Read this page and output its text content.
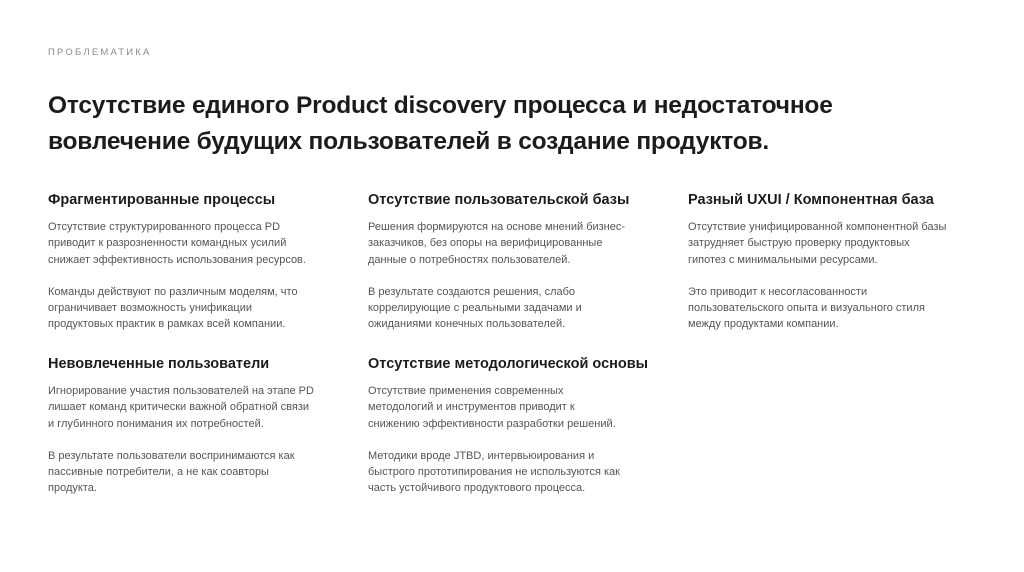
ПРОБЛЕМАТИКА
Отсутствие единого Product discovery процесса и недостаточное
вовлечение будущих пользователей в создание продуктов.
Фрагментированные процессы

Отсутствие структурированного процесса PD
приводит к разрозненности командных усилий
снижает эффективность использования ресурсов.

Команды действуют по различным моделям, что
ограничивает возможность унификации
продуктовых практик в рамках всей компании.

Отсутствие пользовательской базы

Решения формируются на основе мнений бизнес-
заказчиков, без опоры на верифицированные
данные о потребностях пользователей.

В результате создаются решения, слабо
коррелирующие с реальными задачами и
ожиданиями конечных пользователей.

Разный UXUI / Компонентная база

Отсутствие унифицированной компонентной базы
затрудняет быструю проверку продуктовых
гипотез с минимальными ресурсами.

Это приводит к несогласованности
пользовательского опыта и визуального стиля
между продуктами компании.

Невовлеченные пользователи

Игнорирование участия пользователей на этапе PD
лишает команд критически важной обратной связи
и глубинного понимания их потребностей.

В результате пользователи воспринимаются как
пассивные потребители, а не как соавторы
продукта.

Отсутствие методологической основы

Отсутствие применения современных
методологий и инструментов приводит к
снижению эффективности разработки решений.

Методики вроде JTBD, интервьюирования и
быстрого прототипирования не используются как
часть устойчивого продуктового процесса.
